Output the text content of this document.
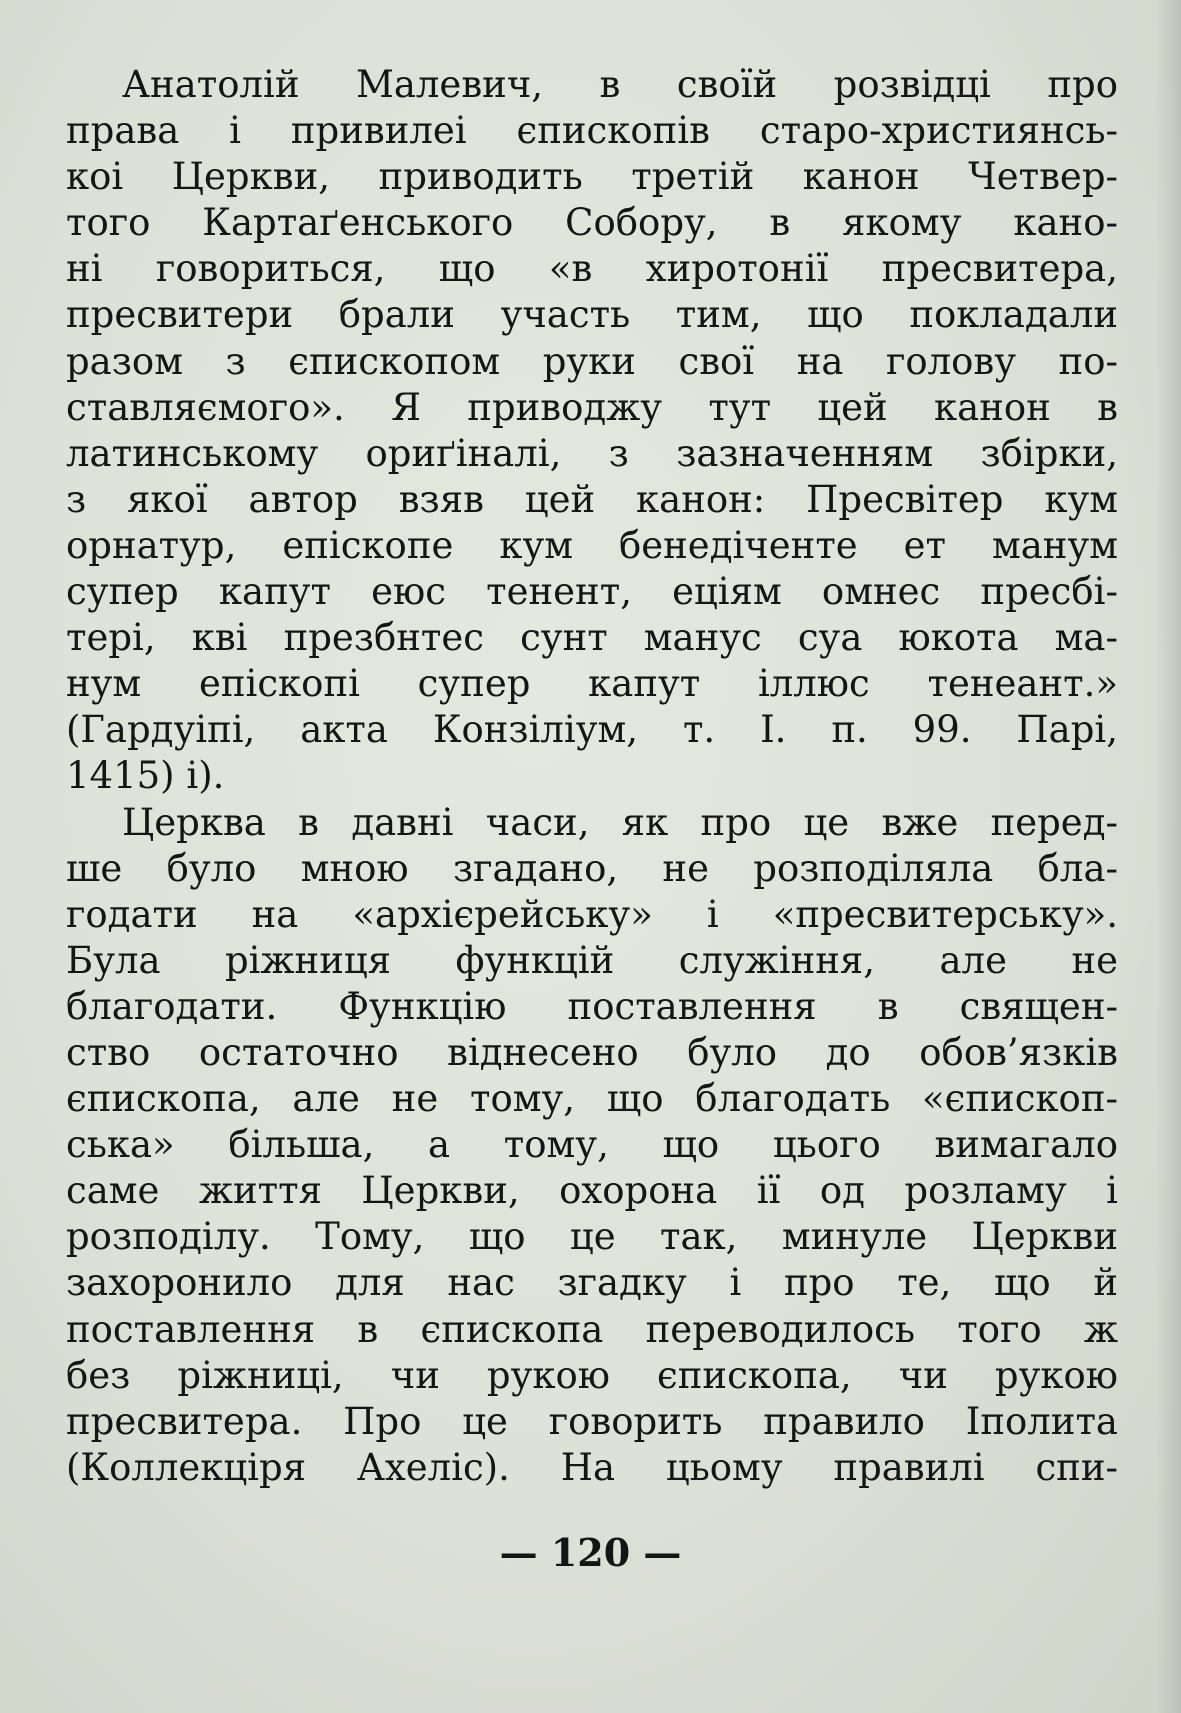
Анатолій Малевич, в своїй розвідці про
права і привилеі єпископів старо-християнсь-
коі Церкви, приводить третій канон Четвер-
того Картаґенського Собору, в якому кано-
ні говориться, що «в хиротонії пресвитера,
пресвитери брали участь тим, що покладали
разом з єпископом руки свої на голову по-
ставляємого». Я приводжу тут цей канон в
латинському ориґіналі, з зазначенням збірки,
з якої автор взяв цей канон: Пресвітер кум
орнатур, епіскопе кум бенедіченте ет манум
супер капут еюс тенент, еціям омнес пресбі-
тері, кві презбнтес сунт манус суа юкота ма-
нум епіскопі супер капут іллюс тенеант.»
(Гардуіпі, акта Конзіліум, т. І. п. 99. Парі,
1415) і).
Церква в давні часи, як про це вже перед-
ше було мною згадано, не розподіляла бла-
годати на «архієрейську» і «пресвитерську».
Була ріжниця функцій служіння, але не
благодати. Функцію поставлення в священ-
ство остаточно віднесено було до обов’язків
єпископа, але не тому, що благодать «єпископ-
ська» більша, а тому, що цього вимагало
саме життя Церкви, охорона ії од розламу і
розподілу. Тому, що це так, минуле Церкви
захоронило для нас згадку і про те, що й
поставлення в єпископа переводилось того ж
без ріжниці, чи рукою єпископа, чи рукою
пресвитера. Про це говорить правило Іполита
(Коллекціря Ахеліс). На цьому правилі спи-
— 120 —
